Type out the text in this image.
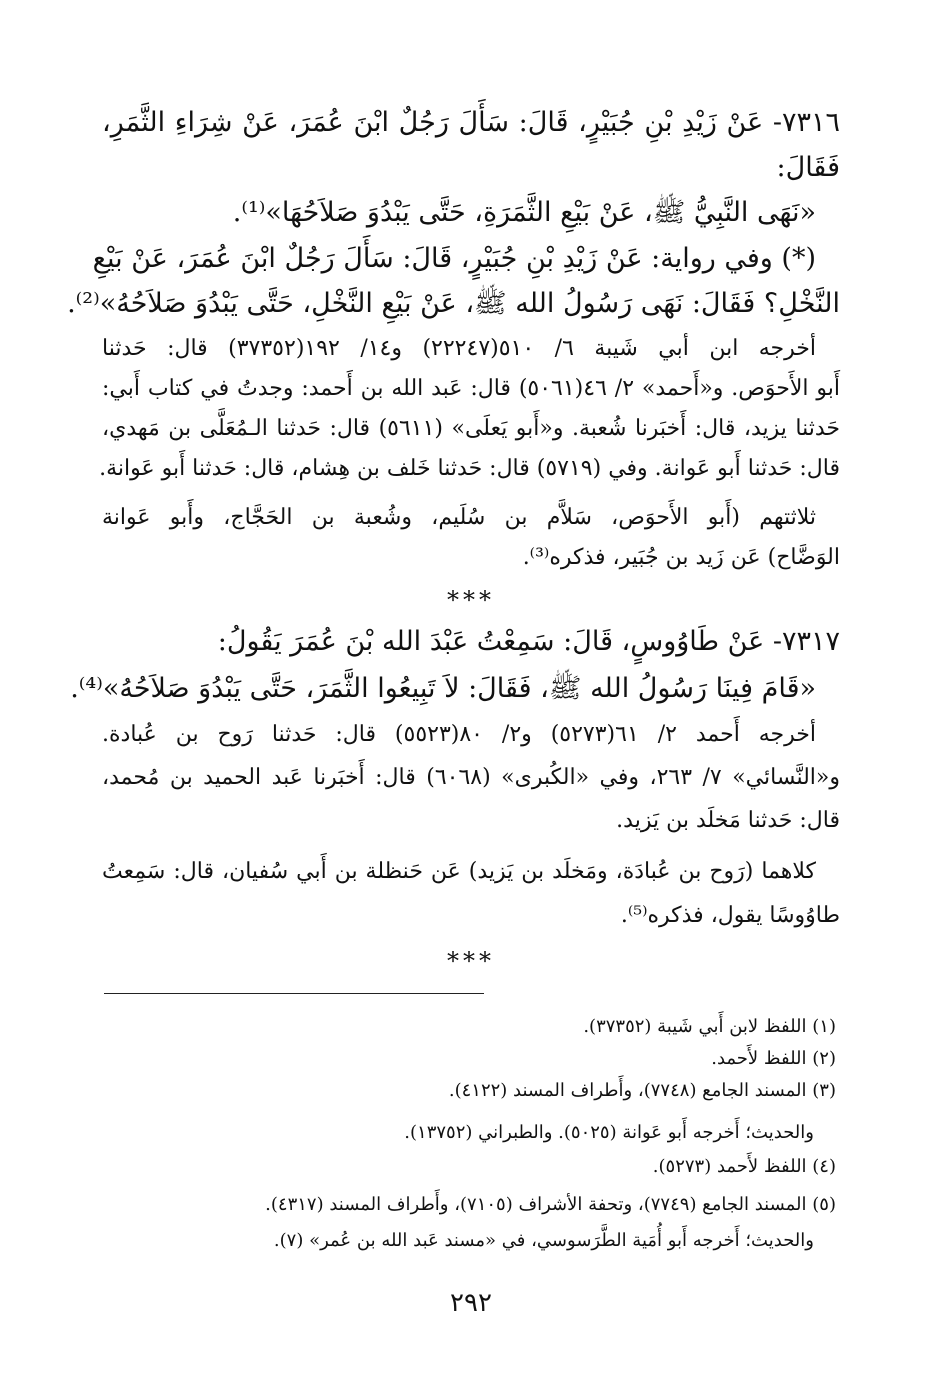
٧٣١٦- عَنْ زَيْدِ بْنِ جُبَيْرٍ، قَالَ: سَأَلَ رَجُلٌ ابْنَ عُمَرَ، عَنْ شِرَاءِ الثَّمَرِ،
فَقَالَ:
«نَهَى النَّبِيُّ ﷺ، عَنْ بَيْعِ الثَّمَرَةِ، حَتَّى يَبْدُوَ صَلاَحُهَا»⁽¹⁾.
(*) وفي رواية: عَنْ زَيْدِ بْنِ جُبَيْرٍ، قَالَ: سَأَلَ رَجُلٌ ابْنَ عُمَرَ، عَنْ بَيْعِ
النَّخْلِ؟ فَقَالَ: نَهَى رَسُولُ الله ﷺ، عَنْ بَيْعِ النَّخْلِ، حَتَّى يَبْدُوَ صَلاَحُهُ»⁽²⁾.
أخرجه ابن أبي شَيبة ٦/ ٥١٠(٢٢٢٤٧) و١٤/ ١٩٢(٣٧٣٥٢) قال: حَدثنا
أَبو الأَحوَص. و«أَحمد» ٢/ ٤٦(٥٠٦١) قال: عَبد الله بن أَحمد: وجدتُ في كتاب أَبي:
حَدثنا يزيد، قال: أَخبَرنا شُعبة. و«أَبو يَعلَى» (٥٦١١) قال: حَدثنا الـمُعَلَّى بن مَهدي،
قال: حَدثنا أَبو عَوانة. وفي (٥٧١٩) قال: حَدثنا خَلف بن هِشام، قال: حَدثنا أَبو عَوانة.
ثلاثتهم (أَبو الأَحوَص، سَلاَّم بن سُلَيم، وشُعبة بن الحَجَّاج، وأَبو عَوانة
الوَضَّاح) عَن زَيد بن جُبَير، فذكره⁽³⁾.
***
٧٣١٧- عَنْ طَاوُوسٍ، قَالَ: سَمِعْتُ عَبْدَ الله بْنَ عُمَرَ يَقُولُ:
«قَامَ فِينَا رَسُولُ الله ﷺ، فَقَالَ: لاَ تَبِيعُوا الثَّمَرَ، حَتَّى يَبْدُوَ صَلاَحُهُ»⁽⁴⁾.
أخرجه أَحمد ٢/ ٦١(٥٢٧٣) و٢/ ٨٠(٥٥٢٣) قال: حَدثنا رَوح بن عُبادة.
و«النَّسائي» ٧/ ٢٦٣، وفي «الكُبرى» (٦٠٦٨) قال: أَخبَرنا عَبد الحميد بن مُحمد،
قال: حَدثنا مَخلَد بن يَزيد.
كلاهما (رَوح بن عُبادَة، ومَخلَد بن يَزيد) عَن حَنظلة بن أَبي سُفيان، قال: سَمِعتُ
طاوُوسًا يقول، فذكره⁽⁵⁾.
***
(١) اللفظ لابن أَبي شَيبة (٣٧٣٥٢).
(٢) اللفظ لأَحمد.
(٣) المسند الجامع (٧٧٤٨)، وأَطراف المسند (٤١٢٢).
والحديث؛ أَخرجه أَبو عَوانة (٥٠٢٥). والطبراني (١٣٧٥٢).
(٤) اللفظ لأَحمد (٥٢٧٣).
(٥) المسند الجامع (٧٧٤٩)، وتحفة الأشراف (٧١٠٥)، وأَطراف المسند (٤٣١٧).
والحديث؛ أَخرجه أَبو أُمَية الطَّرَسوسي، في «مسند عَبد الله بن عُمر» (٧).
٢٩٢
